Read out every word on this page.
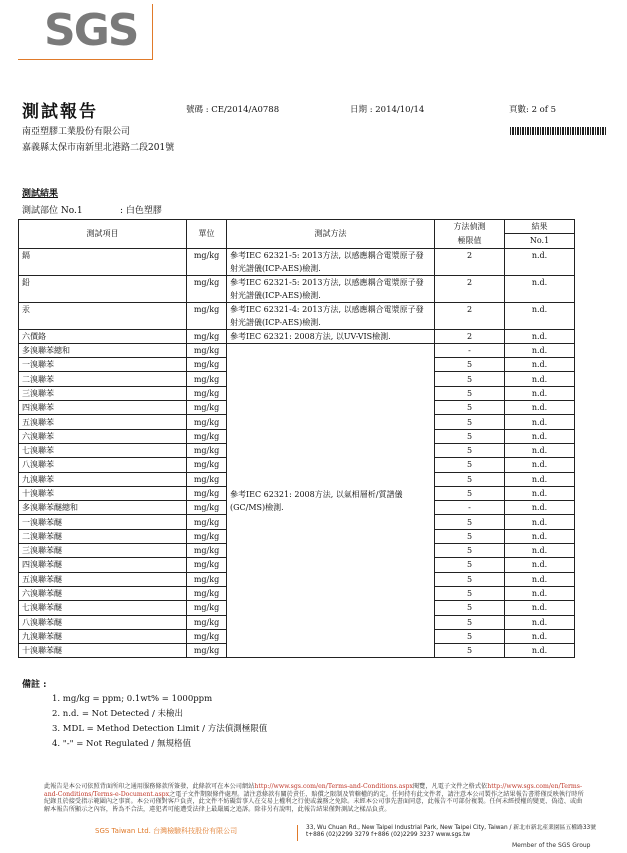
SGS
測試報告	號碼 : CE/2014/A0788	日期 : 2014/10/14	頁數: 2 of 5
南亞塑膠工業股份有限公司
嘉義縣太保市南新里北港路二段201號
測試結果
測試部位 No.1	: 白色塑膠
測試項目	單位	測試方法	方法偵測	結果
			極限值	No.1
鎘	mg/kg	參考IEC 62321-5: 2013方法, 以感應耦合電漿原子發射光譜儀(ICP-AES)檢測.	2	n.d.
鉛	mg/kg	參考IEC 62321-5: 2013方法, 以感應耦合電漿原子發射光譜儀(ICP-AES)檢測.	2	n.d.
汞	mg/kg	參考IEC 62321-4: 2013方法, 以感應耦合電漿原子發射光譜儀(ICP-AES)檢測.	2	n.d.
六價鉻	mg/kg	參考IEC 62321: 2008方法, 以UV-VIS檢測.	2	n.d.
多溴聯苯總和	mg/kg	參考IEC 62321: 2008方法, 以氣相層析/質譜儀(GC/MS)檢測.	-	n.d.
一溴聯苯	mg/kg		5	n.d.
二溴聯苯	mg/kg		5	n.d.
三溴聯苯	mg/kg		5	n.d.
四溴聯苯	mg/kg		5	n.d.
五溴聯苯	mg/kg		5	n.d.
六溴聯苯	mg/kg		5	n.d.
七溴聯苯	mg/kg		5	n.d.
八溴聯苯	mg/kg		5	n.d.
九溴聯苯	mg/kg		5	n.d.
十溴聯苯	mg/kg		5	n.d.
多溴聯苯醚總和	mg/kg		-	n.d.
一溴聯苯醚	mg/kg		5	n.d.
二溴聯苯醚	mg/kg		5	n.d.
三溴聯苯醚	mg/kg		5	n.d.
四溴聯苯醚	mg/kg		5	n.d.
五溴聯苯醚	mg/kg		5	n.d.
六溴聯苯醚	mg/kg		5	n.d.
七溴聯苯醚	mg/kg		5	n.d.
八溴聯苯醚	mg/kg		5	n.d.
九溴聯苯醚	mg/kg		5	n.d.
十溴聯苯醚	mg/kg		5	n.d.
備註 :
1. mg/kg = ppm; 0.1wt% = 1000ppm
2. n.d. = Not Detected / 未檢出
3. MDL = Method Detection Limit / 方法偵測極限值
4. "-" = Not Regulated / 無規格值
此報告是本公司依照背面所印之通用服務條款所簽發，此條款可在本公司網站http://www.sgs.com/en/Terms-and-Conditions.aspx閱覽，凡電子文件之格式依http://www.sgs.com/en/Terms-and-Conditions/Terms-e-Document.aspx之電子文件期限條件處理。請注意條款有關於責任、賠償之限制及管轄權的約定。任何持有此文件者，請注意本公司製作之結果報告書將僅反映執行時所紀錄且於接受指示範圍內之事實。本公司僅對客戶負責，此文件不妨礙當事人在交易上權利之行使或義務之免除。未經本公司事先書面同意，此報告不可部份複製。任何未經授權的變更、偽造、或曲解本報告所顯示之內容，皆為不合法，違犯者可能遭受法律上最嚴厲之追訴。除非另有說明，此報告結果僅對測試之樣品負責。
SGS Taiwan Ltd. 台灣檢驗科技股份有限公司	33, Wu Chuan Rd., New Taipei Industrial Park, New Taipei City, Taiwan / 新北市新北產業園區五權路33號
t+886 (02)2299 3279 f+886 (02)2299 3237 www.sgs.tw
Member of the SGS Group
